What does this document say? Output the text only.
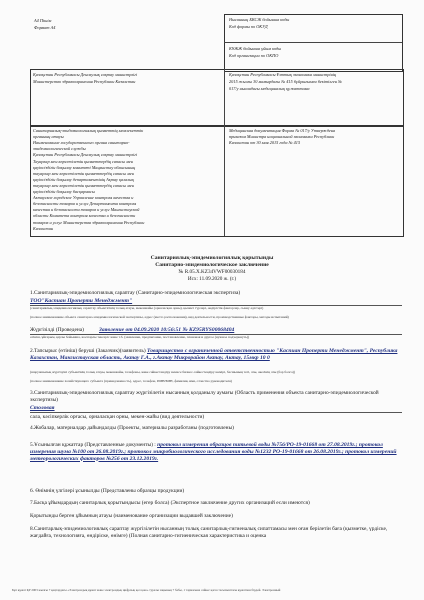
А4 Пішім
Формат А4
Нысанның БКСЖ бойынша коды
Код формы по ОКУД
КҰЖЖ бойынша ұйым коды
Код организации по ОКПО
Қазақстан Республикасы Денсаулық сақтау министрлігі
Министерство здравоохранения Республики Казахстан
Қазақстан Республикасы Ұлттық экономика министрінің
2015 жылғы 30 мамырдағы № 415 бұйрығымен бекітілген №
017/у нысандағы медициналық құжаттама
Санитариялық-эпидемиологиялық қызметтің мемлекеттік
органның атауы
Наименование государственного органа санитарно-
эпидемиологической службы
Қазақстан Республикасы Денсаулық сақтау министрлігі
Тауарлар мен көрсетілетін қызметтердің сапасы мен
қауіпсіздігін бақылау комитеті Маңғыстау облысының
тауарлар мен көрсетілетін қызметтердің сапасы мен
қауіпсіздігін бақылау департаментінің Ақтау қалалық
тауарлар мен көрсетілетін қызметтердің сапасы мен
қауіпсіздігін бақылау басқармасы
Актауское городское Управление контроля качества и
безопасности товаров и услуг Департамента контроля
качества и безопасности товаров и услуг Мангистауской
области Комитета контроля качества и безопасности
товаров и услуг Министерства здравоохранения Республики
Казахстан
Медицинская документация Форма № 017/у Утверждена
приказом Министра национальной экономики Республики
Казахстан от 30 мая 2015 года № 415
Санитариялық-эпидемиологиялық қорытынды
Санитарно-эпидемиологическое заключение
№ R.05.X.KZ34VWF00030184
Исх: 11.09.2020 ж. (г.)
1.Санитариялық-эпидемиологиялық сараптау (Санитарно-эпидемиологическая экспертиза)
ТОО"Каспиан Проперти Менеджмент"
(санитариялық-эпидемиологиялық сараптау объектісінің толық атауы, мекенжайы (орналасқан орны), қызмет түрлері, өндірістік факторлар, сынау әдістері)
(полное наименование объекта санитарно-эпидемиологической экспертизы, адрес (место расположения), вид деятельности, производственные факторы, методы испытаний)
Жүргізілді (Проведена)	Заявление от 04.09.2020 10:56:51 № KZ95RYS00068404
өтініш, ұйғарым, қаулы бойынша, жоспарлы тексеріс және т.б. (заявление, предписание, постановление, плановая и другое (нужное подчеркнуть))
2.Тапсырыс (өтініш) беруші (Заказчик)(заявитель) Товарищество с ограниченной ответственностью "Каспиан Проперти Менеджмент", Республика Казахстан, Мангистауская область, Актау Г.А., г.Актау Микрорайон Актау, Актау, 15мкр 10 0
(шаруашылық жүргізуші субъектінің толық атауы, мекенжайы, телефоны, жеке сәйкестендіру немесе бизнес-сәйкестендіру нөмірі, басшының тегі, аты, әкесінің аты (бар болса))
(полное наименование хозяйствующего субъекта (принадлежность), адрес, телефон, ИИН/БИН, фамилия, имя, отчество руководителя)
3.Санитариялық-эпидемиологиялық сараптау жүргізілетін нысанның қолданылу аумағы (Область применения объекта санитарно-эпидемиологической экспертизы)
Столовая
сала, кәсіпкерлік орғасы, орналасқан орны, мекен-жайы (вид деятельности)
4.Жобалар, материалдар дайындалды (Проекты, материалы разработаны (подготовлены)
5.Ұсынылған құжаттар (Представленные документы) : протокол измерения образцов питьевой воды №756/РО-19-01668 от 27.08.2019г.; протокол измерения шума №100 от 26.08.2019г.; протокол микробиологического исследования воды №1232 РО-19-01668 от 26.08.2019г.; протокол измерений метеорологических факторов №256 от 23.12.2019г.
6. Өнімнің үлгілері ұсынылды (Представлены образцы продукции)
7.Басқа ұйымдардың санитарлық қорытындысы (егер болса) (Экспертное заключение других организаций если имеются)
Қорытынды берген ұйымның атауы (наименование организации выдавшей заключение)
8.Санитарлық-эпидемиологиялық сараптау жүргізілетін нысанның толық санитарлық-гигиеналық сипаттамасы мен оған берілетін баға (қызметке, үрдіске, жағдайға, технологияға, өндіріске, өнімге) (Полная санитарно-гигиеническая характеристика и оценка
Бұл құжат ҚР 2003 жылғы 7 қаңтардағы «Электрондық құжат және электрондық цифрлық қол қою» туралы заңының 7 бабы, 1 тармағына сәйкес қағаз тасығыштағы құжатпен бірдей. Электронный
